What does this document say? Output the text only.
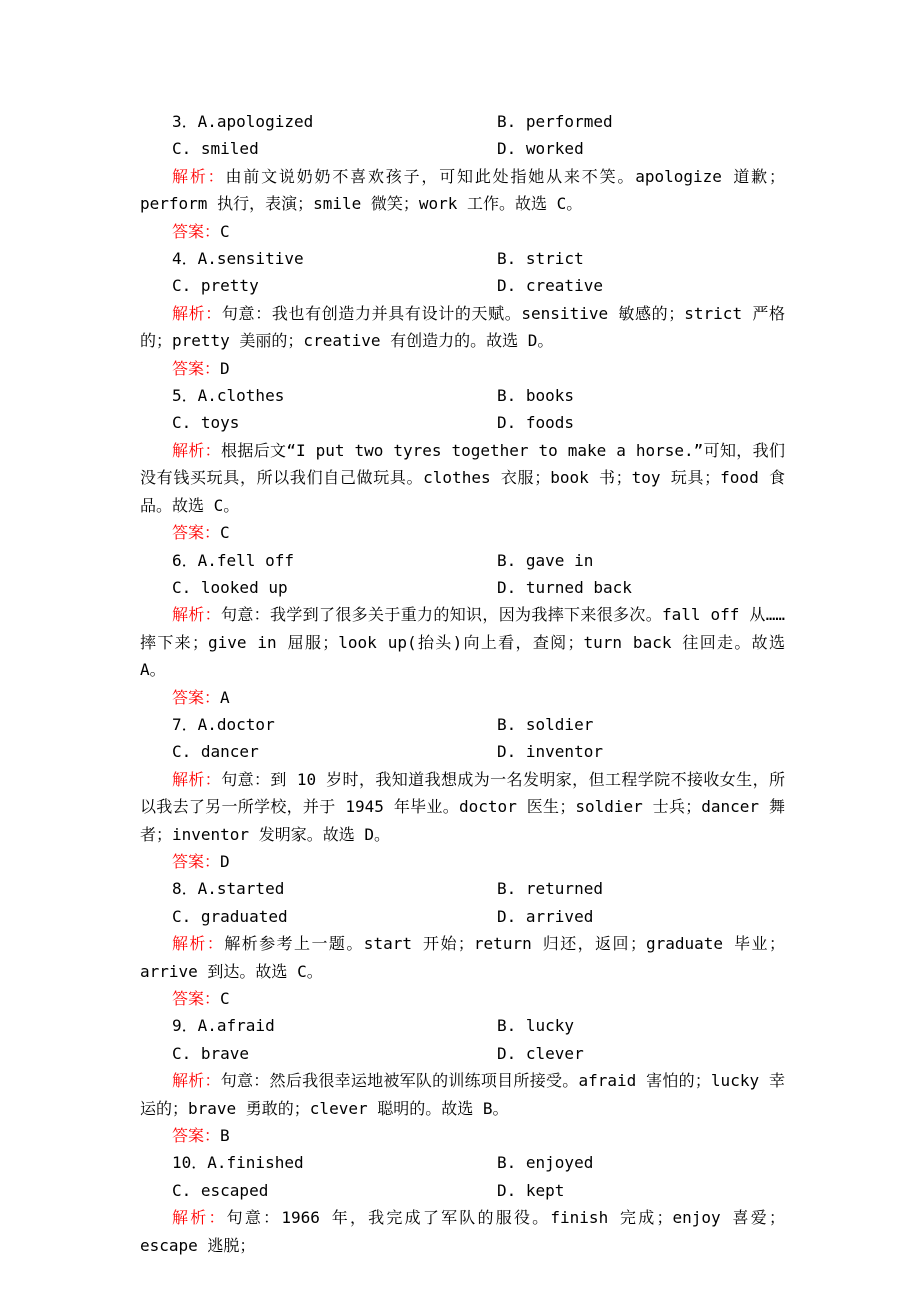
3．A.apologized	B. performed
C. smiled	D. worked

解析：由前文说奶奶不喜欢孩子，可知此处指她从来不笑。apologize 道歉；perform 执行，表演；smile 微笑；work 工作。故选 C。

答案：C

4．A.sensitive	B. strict
C. pretty	D. creative

解析：句意：我也有创造力并具有设计的天赋。sensitive 敏感的；strict 严格的；pretty 美丽的；creative 有创造力的。故选 D。

答案：D

5．A.clothes	B. books
C. toys	D. foods

解析：根据后文“I put two tyres together to make a horse.”可知，我们没有钱买玩具，所以我们自己做玩具。clothes 衣服；book 书；toy 玩具；food 食品。故选 C。

答案：C

6．A.fell off	B. gave in
C. looked up	D. turned back

解析：句意：我学到了很多关于重力的知识，因为我摔下来很多次。fall off 从……摔下来；give in 屈服；look up(抬头)向上看，查阅；turn back 往回走。故选 A。

答案：A

7．A.doctor	B. soldier
C. dancer	D. inventor

解析：句意：到 10 岁时，我知道我想成为一名发明家，但工程学院不接收女生，所以我去了另一所学校，并于 1945 年毕业。doctor 医生；soldier 士兵；dancer 舞者；inventor 发明家。故选 D。

答案：D

8．A.started	B. returned
C. graduated	D. arrived

解析：解析参考上一题。start 开始；return 归还，返回；graduate 毕业；arrive 到达。故选 C。

答案：C

9．A.afraid	B. lucky
C. brave	D. clever

解析：句意：然后我很幸运地被军队的训练项目所接受。afraid 害怕的；lucky 幸运的；brave 勇敢的；clever 聪明的。故选 B。

答案：B

10．A.finished	B. enjoyed
C. escaped	D. kept

解析：句意：1966 年，我完成了军队的服役。finish 完成；enjoy 喜爱；escape 逃脱；
